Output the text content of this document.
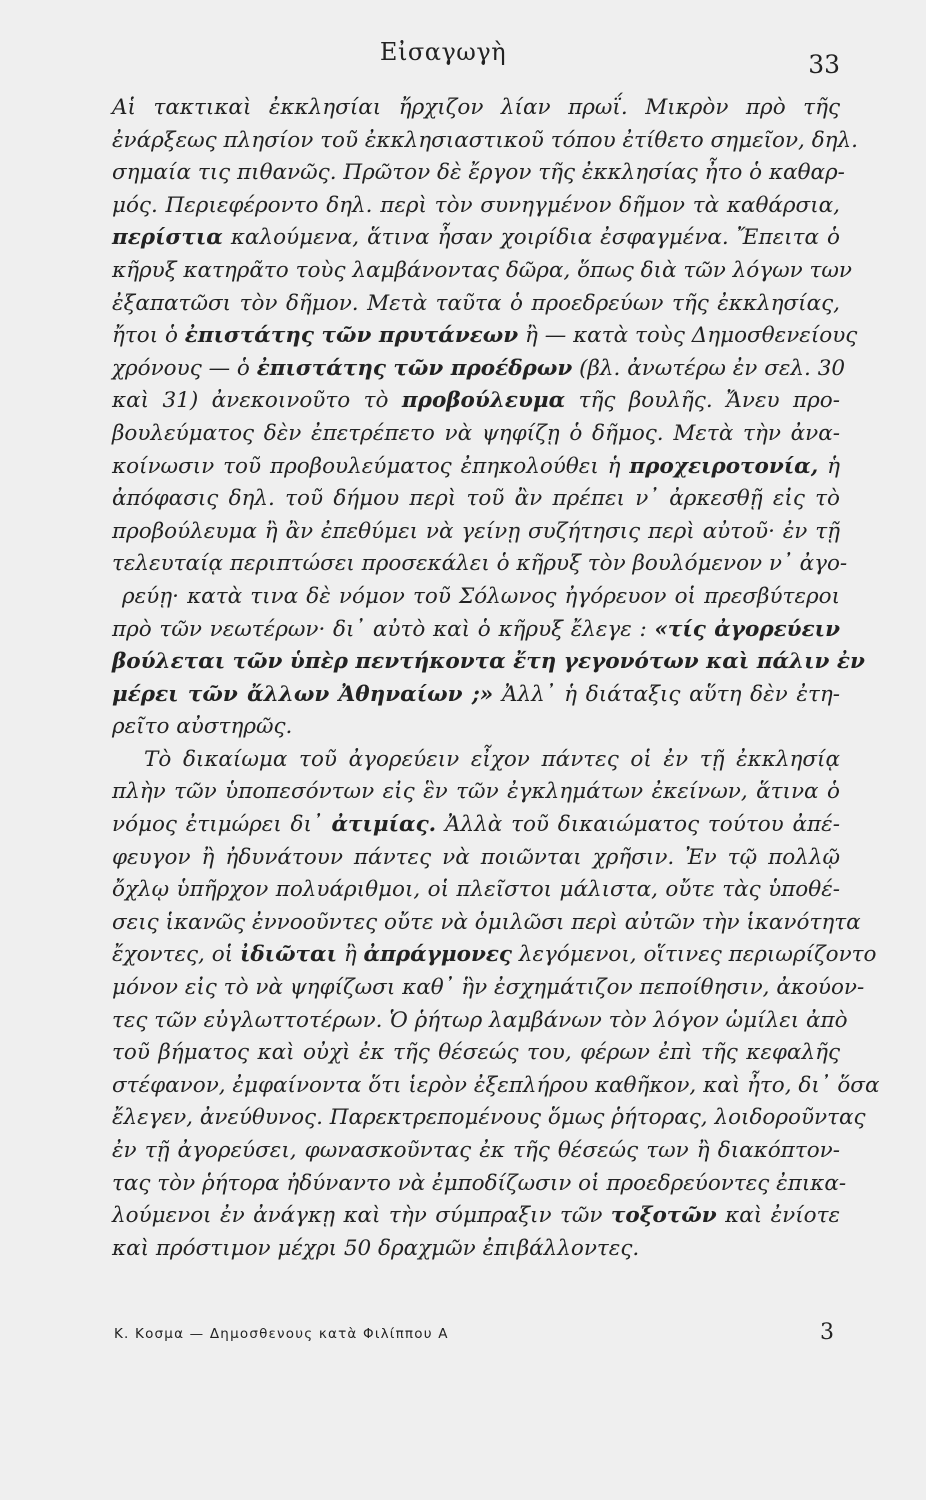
Εἰσαγωγὴ	33
Αἱ τακτικαὶ ἐκκλησίαι ἤρχιζον λίαν πρωΐ. Μικρὸν πρὸ τῆς
ἐνάρξεως πλησίον τοῦ ἐκκλησιαστικοῦ τόπου ἐτίθετο σημεῖον, δηλ.
σημαία τις πιθανῶς. Πρῶτον δὲ ἔργον τῆς ἐκκλησίας ἦτο ὁ καθαρ-
μός. Περιεφέροντο δηλ. περὶ τὸν συνηγμένον δῆμον τὰ καθάρσια,
περίστια καλούμενα, ἅτινα ἦσαν χοιρίδια ἐσφαγμένα. Ἔπειτα ὁ
κῆρυξ κατηρᾶτο τοὺς λαμβάνοντας δῶρα, ὅπως διὰ τῶν λόγων των
ἐξαπατῶσι τὸν δῆμον. Μετὰ ταῦτα ὁ προεδρεύων τῆς ἐκκλησίας,
ἤτοι ὁ ἐπιστάτης τῶν πρυτάνεων ἢ — κατὰ τοὺς Δημοσθενείους
χρόνους — ὁ ἐπιστάτης τῶν προέδρων (βλ. ἀνωτέρω ἐν σελ. 30
καὶ 31) ἀνεκοινοῦτο τὸ προβούλευμα τῆς βουλῆς. Ἄνευ προ-
βουλεύματος δὲν ἐπετρέπετο νὰ ψηφίζῃ ὁ δῆμος. Μετὰ τὴν ἀνα-
κοίνωσιν τοῦ προβουλεύματος ἐπηκολούθει ἡ προχειροτονία, ἡ
ἀπόφασις δηλ. τοῦ δήμου περὶ τοῦ ἂν πρέπει ν᾽ ἀρκεσθῇ εἰς τὸ
προβούλευμα ἢ ἂν ἐπεθύμει νὰ γείνῃ συζήτησις περὶ αὐτοῦ· ἐν τῇ
τελευταίᾳ περιπτώσει προσεκάλει ὁ κῆρυξ τὸν βουλόμενον ν᾽ ἀγο-
ρεύῃ· κατὰ τινα δὲ νόμον τοῦ Σόλωνος ἠγόρευον οἱ πρεσβύτεροι
πρὸ τῶν νεωτέρων· δι᾽ αὐτὸ καὶ ὁ κῆρυξ ἔλεγε : «τίς ἀγορεύειν
βούλεται τῶν ὑπὲρ πεντήκοντα ἔτη γεγονότων καὶ πάλιν ἐν
μέρει τῶν ἄλλων Ἀθηναίων ;» Ἀλλ᾽ ἡ διάταξις αὕτη δὲν ἐτη-
ρεῖτο αὐστηρῶς.
Τὸ δικαίωμα τοῦ ἀγορεύειν εἶχον πάντες οἱ ἐν τῇ ἐκκλησίᾳ
πλὴν τῶν ὑποπεσόντων εἰς ἓν τῶν ἐγκλημάτων ἐκείνων, ἅτινα ὁ
νόμος ἐτιμώρει δι᾽ ἀτιμίας. Ἀλλὰ τοῦ δικαιώματος τούτου ἀπέ-
φευγον ἢ ἠδυνάτουν πάντες νὰ ποιῶνται χρῆσιν. Ἐν τῷ πολλῷ
ὄχλῳ ὑπῆρχον πολυάριθμοι, οἱ πλεῖστοι μάλιστα, οὔτε τὰς ὑποθέ-
σεις ἱκανῶς ἐννοοῦντες οὔτε νὰ ὁμιλῶσι περὶ αὐτῶν τὴν ἱκανότητα
ἔχοντες, οἱ ἰδιῶται ἢ ἀπράγμονες λεγόμενοι, οἵτινες περιωρίζοντο
μόνον εἰς τὸ νὰ ψηφίζωσι καθ᾽ ἣν ἐσχημάτιζον πεποίθησιν, ἀκούον-
τες τῶν εὐγλωττοτέρων. Ὁ ῥήτωρ λαμβάνων τὸν λόγον ὡμίλει ἀπὸ
τοῦ βήματος καὶ οὐχὶ ἐκ τῆς θέσεώς του, φέρων ἐπὶ τῆς κεφαλῆς
στέφανον, ἐμφαίνοντα ὅτι ἱερὸν ἐξεπλήρου καθῆκον, καὶ ἦτο, δι᾽ ὅσα
ἔλεγεν, ἀνεύθυνος. Παρεκτρεπομένους ὅμως ῥήτορας, λοιδοροῦντας
ἐν τῇ ἀγορεύσει, φωνασκοῦντας ἐκ τῆς θέσεώς των ἢ διακόπτον-
τας τὸν ῥήτορα ἠδύναντο νὰ ἐμποδίζωσιν οἱ προεδρεύοντες ἐπικα-
λούμενοι ἐν ἀνάγκῃ καὶ τὴν σύμπραξιν τῶν τοξοτῶν καὶ ἐνίοτε
καὶ πρόστιμον μέχρι 50 δραχμῶν ἐπιβάλλοντες.
Κ. Κοσμα — Δημοσθενους κατὰ Φιλίππου Α	3
